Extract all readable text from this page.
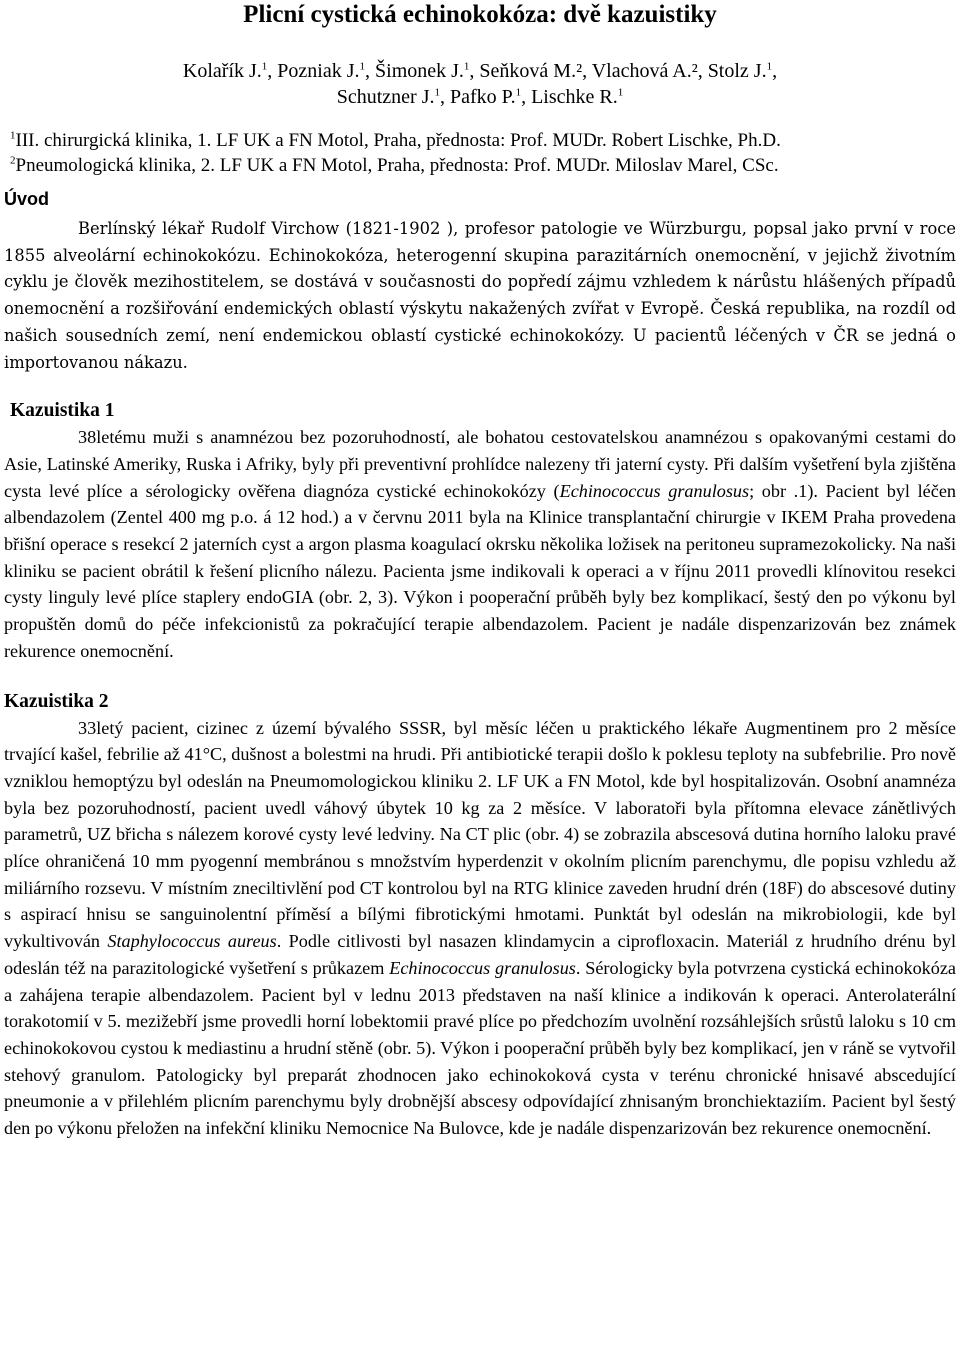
Plicní cystická echinokokóza: dvě kazuistiky
Kolařík J.$^1$, Pozniak J.$^1$, Šimonek J.$^1$, Seňková M.², Vlachová A.², Stolz J.$^1$,
Schutzner J.$^1$, Pafko P.$^1$, Lischke R.$^1$
$^1$III. chirurgická klinika, 1. LF UK a FN Motol, Praha, přednosta: Prof. MUDr. Robert Lischke, Ph.D.
$^2$Pneumologická klinika, 2. LF UK a FN Motol, Praha, přednosta: Prof. MUDr. Miloslav Marel, CSc.
Úvod

Berlínský lékař Rudolf Virchow (1821-1902 ), profesor patologie ve Würzburgu, popsal jako první v roce 1855 alveolární echinokokózu. Echinokokóza, heterogenní skupina parazitárních onemocnění, v jejichž životním cyklu je člověk mezihostitelem, se dostává v současnosti do popředí zájmu vzhledem k nárůstu hlášených případů onemocnění a rozšiřování endemických oblastí výskytu nakažených zvířat v Evropě. Česká republika, na rozdíl od našich sousedních zemí, není endemickou oblastí cystické echinokokózy. U pacientů léčených v ČR se jedná o importovanou nákazu.

Kazuistika 1

38letému muži s anamnézou bez pozoruhodností, ale bohatou cestovatelskou anamnézou s opakovanými cestami do Asie, Latinské Ameriky, Ruska i Afriky, byly při preventivní prohlídce nalezeny tři jaterní cysty. Při dalším vyšetření byla zjištěna cysta levé plíce a sérologicky ověřena diagnóza cystické echinokokózy (Echinococcus granulosus; obr .1). Pacient byl léčen albendazolem (Zentel 400 mg p.o. á 12 hod.) a v červnu 2011 byla na Klinice transplantační chirurgie v IKEM Praha provedena břišní operace s resekcí 2 jaterních cyst a argon plasma koagulací okrsku několika ložisek na peritoneu supramezokolicky. Na naši kliniku se pacient obrátil k řešení plicního nálezu. Pacienta jsme indikovali k operaci a v říjnu 2011 provedli klínovitou resekci cysty linguly levé plíce staplery endoGIA (obr. 2, 3). Výkon i pooperační průběh byly bez komplikací, šestý den po výkonu byl propuštěn domů do péče infekcionistů za pokračující terapie albendazolem. Pacient je nadále dispenzarizován bez známek rekurence onemocnění.

Kazuistika 2

33letý pacient, cizinec z území bývalého SSSR, byl měsíc léčen u praktického lékaře Augmentinem pro 2 měsíce trvající kašel, febrilie až 41°C, dušnost a bolestmi na hrudi. Při antibiotické terapii došlo k poklesu teploty na subfebrilie. Pro nově vzniklou hemoptýzu byl odeslán na Pneumomologickou kliniku 2. LF UK a FN Motol, kde byl hospitalizován. Osobní anamnéza byla bez pozoruhodností, pacient uvedl váhový úbytek 10 kg za 2 měsíce. V laboratoři byla přítomna elevace zánětlivých parametrů, UZ břicha s nálezem korové cysty levé ledviny. Na CT plic (obr. 4) se zobrazila abscesová dutina horního laloku pravé plíce ohraničená 10 mm pyogenní membránou s množstvím hyperdenzit v okolním plicním parenchymu, dle popisu vzhledu až miliárního rozsevu. V místním zneciltivlění pod CT kontrolou byl na RTG klinice zaveden hrudní drén (18F) do abscesové dutiny s aspirací hnisu se sanguinolentní příměsí a bílými fibrotickými hmotami. Punktát byl odeslán na mikrobiologii, kde byl vykultivován Staphylococcus aureus. Podle citlivosti byl nasazen klindamycin a ciprofloxacin. Materiál z hrudního drénu byl odeslán též na parazitologické vyšetření s průkazem Echinococcus granulosus. Sérologicky byla potvrzena cystická echinokokóza a zahájena terapie albendazolem. Pacient byl v lednu 2013 představen na naší klinice a indikován k operaci. Anterolaterální torakotomií v 5. mezižebří jsme provedli horní lobektomii pravé plíce po předchozím uvolnění rozsáhlejších srůstů laloku s 10 cm echinokokovou cystou k mediastinu a hrudní stěně (obr. 5). Výkon i pooperační průběh byly bez komplikací, jen v ráně se vytvořil stehový granulom. Patologicky byl preparát zhodnocen jako echinokoková cysta v terénu chronické hnisavé abscedující pneumonie a v přilehlém plicním parenchymu byly drobnější abscesy odpovídající zhnisaným bronchiektaziím. Pacient byl šestý den po výkonu přeložen na infekční kliniku Nemocnice Na Bulovce, kde je nadále dispenzarizován bez rekurence onemocnění.
